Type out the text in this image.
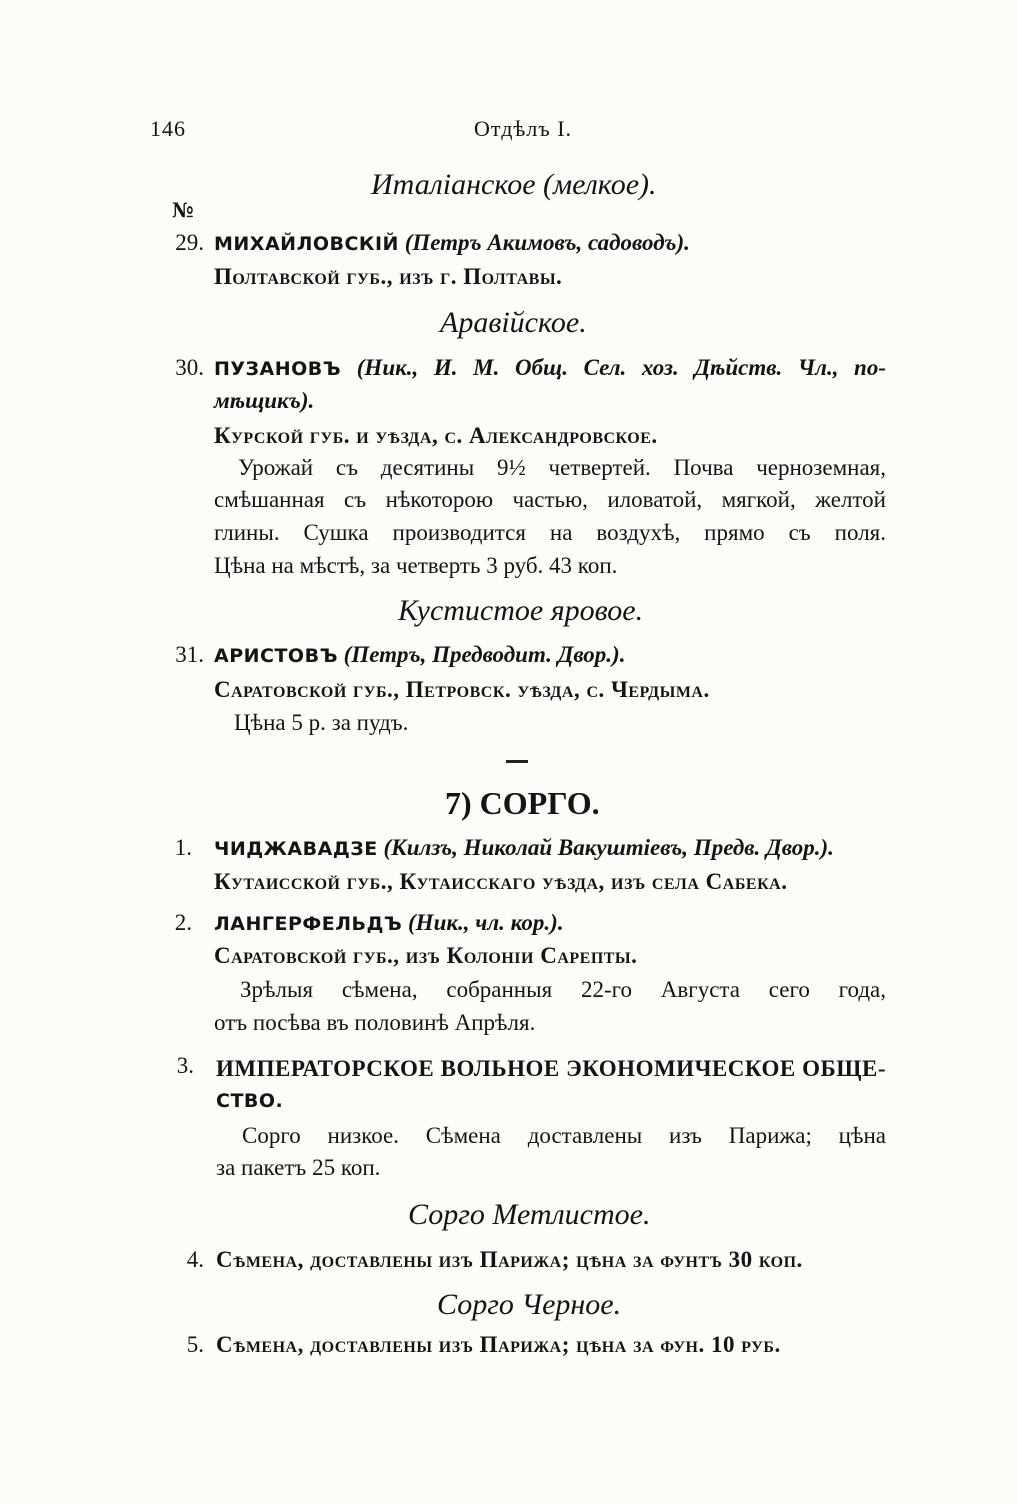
146	Отдѣлъ I.
Италіанское (мелкое).
№
29. МИХАЙЛОВСКІЙ (Петръ Акимовъ, садоводъ).
Полтавской губ., изъ г. Полтавы.
Аравiйское.
30. ПУЗАНОВЪ (Ник., И. М. Общ. Сел. хоз. Дѣйств. Чл., по-
мѣщикъ).
Курской губ. и уѣзда, с. Александровское.
Урожай съ десятины 9½ четвертей. Почва черноземная,
смѣшанная съ нѣкоторою частью, иловатой, мягкой, желтой
глины. Сушка производится на воздухѣ, прямо съ поля.
Цѣна на мѣстѣ, за четверть 3 руб. 43 коп.
Кустистое яровое.
31. АРИСТОВЪ (Петръ, Предводит. Двор.).
Саратовской губ., Петровск. уѣзда, с. Чердыма.
Цѣна 5 р. за пудъ.
7) СОРГО.
1. ЧИДЖАВАДЗЕ (Килзъ, Николай Вакуштіевъ, Предв. Двор.).
Кутаисской губ., Кутаисскаго уѣзда, изъ села Сабека.
2. ЛАНГЕРФЕЛЬДЪ (Ник., чл. кор.).
Саратовской губ., изъ Колоніи Сарепты.
Зрѣлыя сѣмена, собранныя 22-го Августа сего года,
отъ посѣва въ половинѣ Апрѣля.
3. ИМПЕРАТОРСКОЕ ВОЛЬНОЕ ЭКОНОМИЧЕСКОЕ ОБЩЕ-
СТВО.
Сорго низкое. Сѣмена доставлены изъ Парижа; цѣна
за пакетъ 25 коп.
Сорго Метлистое.
4. Сѣмена, доставлены изъ Парижа; цѣна за фунтъ 30 коп.
Сорго Черное.
5. Сѣмена, доставлены изъ Парижа; цѣна за фун. 10 руб.
